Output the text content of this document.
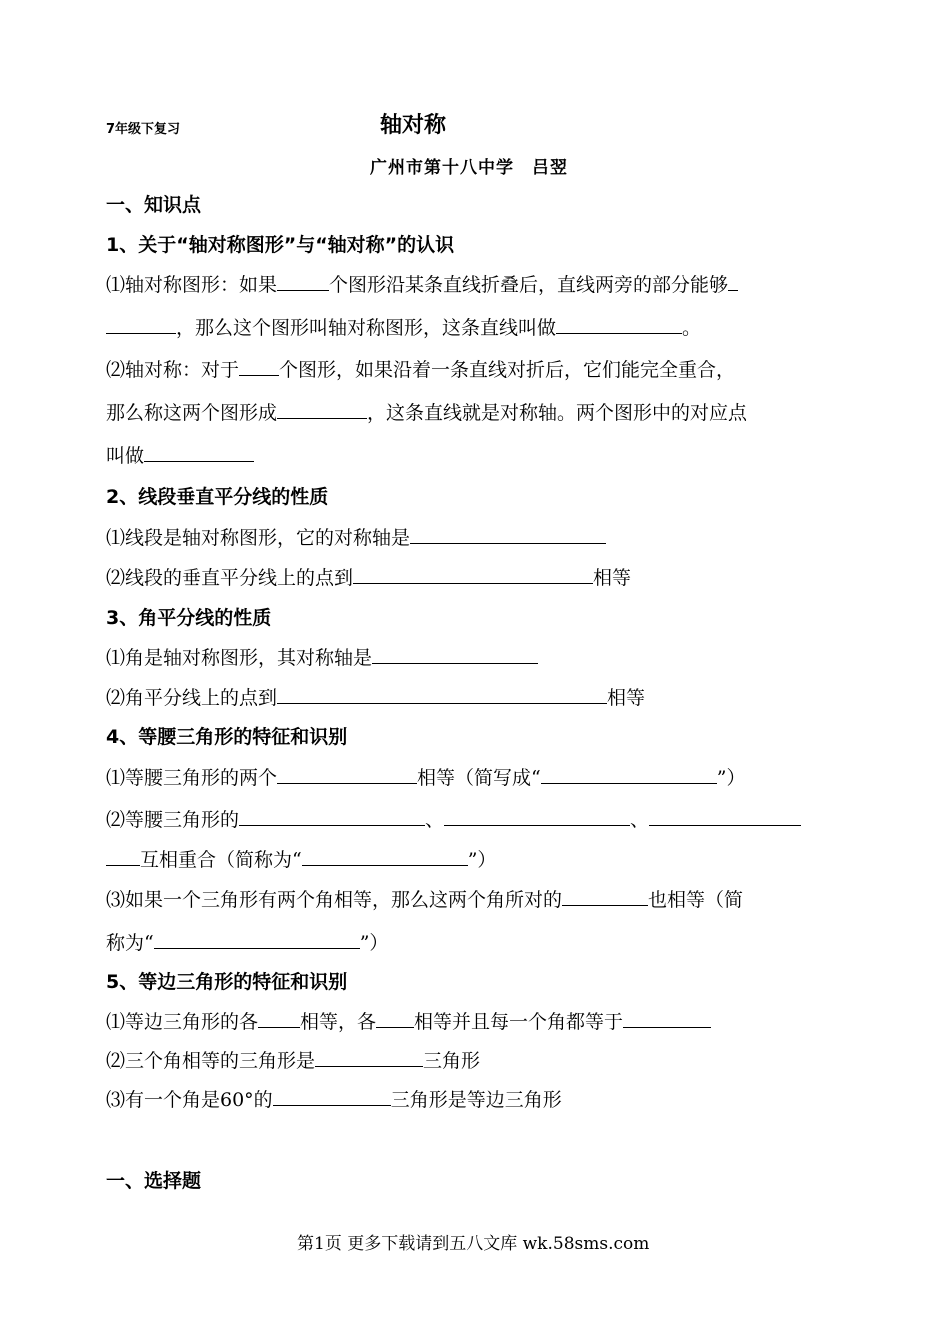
7年级下复习	轴对称
广州市第十八中学　吕翌
一、知识点
1、关于“轴对称图形”与“轴对称”的认识
⑴轴对称图形：如果	个图形沿某条直线折叠后，直线两旁的部分能够
，那么这个图形叫轴对称图形，这条直线叫做	。
⑵轴对称：对于 个图形，如果沿着一条直线对折后，它们能完全重合，
那么称这两个图形成	，这条直线就是对称轴。两个图形中的对应点
叫做
2、线段垂直平分线的性质
⑴线段是轴对称图形，它的对称轴是
⑵线段的垂直平分线上的点到	相等
3、角平分线的性质
⑴角是轴对称图形，其对称轴是
⑵角平分线上的点到	相等
4、等腰三角形的特征和识别
⑴等腰三角形的两个	相等（简写成“	”）
⑵等腰三角形的	、	、
互相重合（简称为“	”）
⑶如果一个三角形有两个角相等，那么这两个角所对的	也相等（简
称为“	”）
5、等边三角形的特征和识别
⑴等边三角形的各 相等，各 相等并且每一个角都等于
⑵三个角相等的三角形是	三角形
⑶有一个角是60°的	三角形是等边三角形
一、选择题
第1页 更多下载请到五八文库 wk.58sms.com
